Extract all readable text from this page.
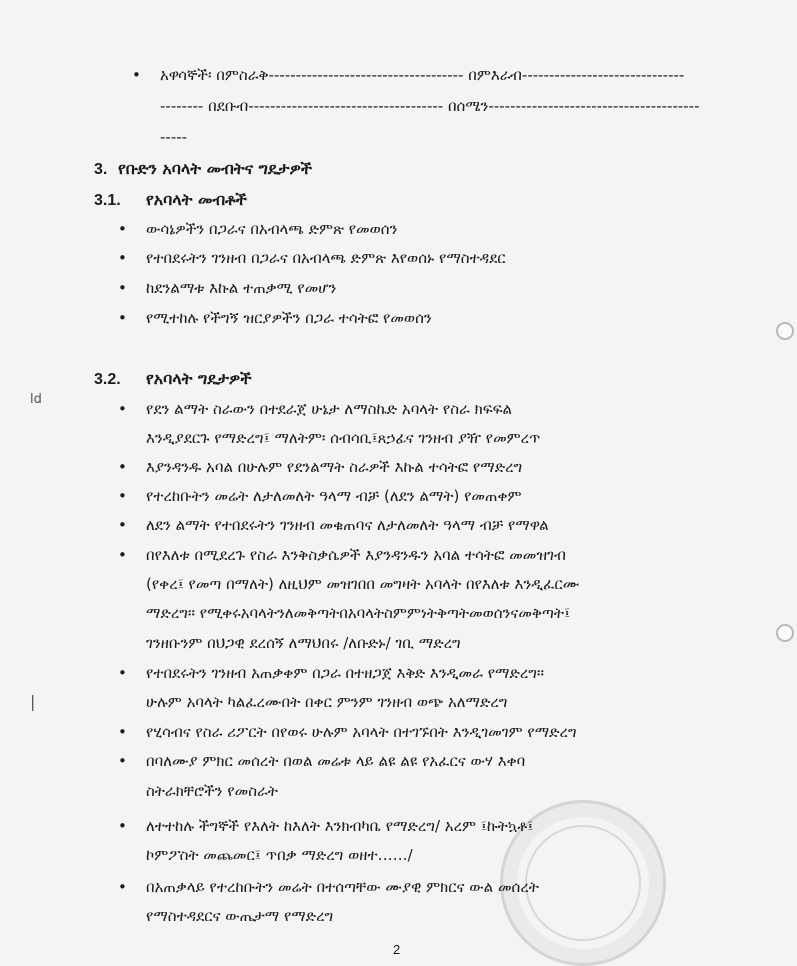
ld
|
• አዋሳኞች፡ በምስራቅ------------------------------------ በምእራብ------------------------------
-------- በደቡብ------------------------------------ በሰሜን---------------------------------------
-----
3. የቡድን አባላት መብትና ግዴታዎች
3.1. የአባላት መብቶች
• ውሳኔዎችን በጋራና በአብላጫ ድምጽ የመወሰን
• የተበደሩትን ገንዘብ በጋራና በአብላጫ ድምጽ እየወሰኑ የማስተዳደር
• ከደንልማቱ እኩል ተጠቃሚ የመሆን
• የሚተከሉ የችግኝ ዝርያዎችን በጋራ ተሳትፎ የመወሰን
3.2. የአባላት ግዴታዎች
• የደን ልማት ስራውን በተደራጀ ሁኔታ ለማስኬድ አባላት የስራ ክፍፍል
እንዲያደርጉ የማድረግ፤ ማለትም፡ ሰብሳቢ፤ጸኃፊና ገንዘብ ያዥ የመምረጥ
• እያንዳንዱ አባል በሁሉም የደንልማት ስራዎች እኩል ተሳትፎ የማድረግ
• የተረከቡትን መሬት ለታለመለት ዓላማ ብቻ (ለደን ልማት) የመጠቀም
• ለደን ልማት የተበደሩትን ገንዘብ መቁጠባና ለታለመለት ዓላማ ብቻ የማዋል
• በየእለቱ በሚደረጉ የስራ እንቅስቃሴዎች እያንዳንዱን አባል ተሳትፎ መመዝገብ
(የቀረ፤ የመጣ በማለት) ለዚህም መዝገበበ መግዛት አባላት በየእለቱ እንዲፈርሙ
ማድረግ፡፡ የሚቀሩአባላትንለመቅጣትበአባላትስምምነትቅጣትመወሰንናመቅጣት፤
ገንዘቡንም በህጋዊ ደረሰኝ ለማህበሩ /ለቡድኑ/ ገቢ ማድረግ
• የተበደሩትን ገንዘብ አጠቃቀም በጋራ በተዘጋጀ እቅድ እንዲመራ የማድረግ፡፡
ሁሉም አባላት ካልፈረሙበት በቀር ምንም ገንዘብ ወጭ አለማድረግ
• የሂሳብና የስራ ሪፖርት በየወሩ ሁሉም አባላት በተገኙበት እንዲገመገም የማድረግ
• በባለሙያ ምክር መሰረት በወል መሬቱ ላይ ልዩ ልዩ የአፈርና ውሃ እቀባ
ስትራክቸሮችን የመስራት
• ለተተከሉ ችግኞች የእለት ከእለት እንክብካቤ የማድረግ/ አረም ፤ኩትኳቶ፤
ኮምፖስት መጨመር፤ ጥበቃ ማድረግ ወዘተ……/
• በአጠቃላይ የተረከቡትን መሬት በተሰጣቸው ሙያዊ ምክርና ውል መሰረት
የማስተዳደርና ውጤታማ የማድረግ
2
